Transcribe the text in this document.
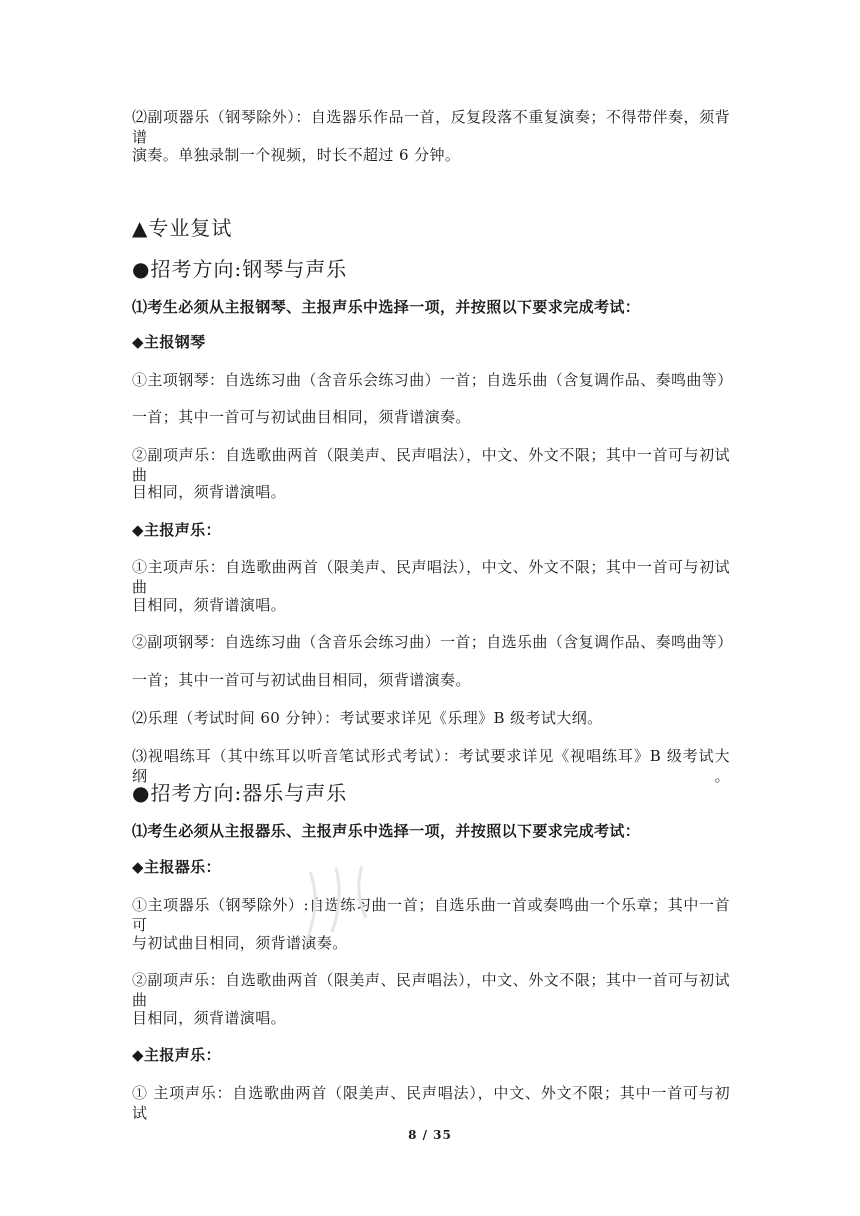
⑵副项器乐（钢琴除外）：自选器乐作品一首，反复段落不重复演奏；不得带伴奏，须背谱
演奏。单独录制一个视频，时长不超过 6 分钟。
▲专业复试
●招考方向:钢琴与声乐
⑴考生必须从主报钢琴、主报声乐中选择一项，并按照以下要求完成考试：
◆主报钢琴
①主项钢琴：自选练习曲（含音乐会练习曲）一首；自选乐曲（含复调作品、奏鸣曲等）
一首；其中一首可与初试曲目相同，须背谱演奏。
②副项声乐：自选歌曲两首（限美声、民声唱法），中文、外文不限；其中一首可与初试曲
目相同，须背谱演唱。
◆主报声乐：
①主项声乐：自选歌曲两首（限美声、民声唱法），中文、外文不限；其中一首可与初试曲
目相同，须背谱演唱。
②副项钢琴：自选练习曲（含音乐会练习曲）一首；自选乐曲（含复调作品、奏鸣曲等）
一首；其中一首可与初试曲目相同，须背谱演奏。
⑵乐理（考试时间 60 分钟）：考试要求详见《乐理》B 级考试大纲。
⑶视唱练耳（其中练耳以听音笔试形式考试）：考试要求详见《视唱练耳》B 级考试大纲。
●招考方向:器乐与声乐
⑴考生必须从主报器乐、主报声乐中选择一项，并按照以下要求完成考试：
◆主报器乐：
①主项器乐（钢琴除外）:自选练习曲一首；自选乐曲一首或奏鸣曲一个乐章；其中一首可
与初试曲目相同，须背谱演奏。
②副项声乐：自选歌曲两首（限美声、民声唱法），中文、外文不限；其中一首可与初试曲
目相同，须背谱演唱。
◆主报声乐：
① 主项声乐：自选歌曲两首（限美声、民声唱法），中文、外文不限；其中一首可与初试
8 / 35
